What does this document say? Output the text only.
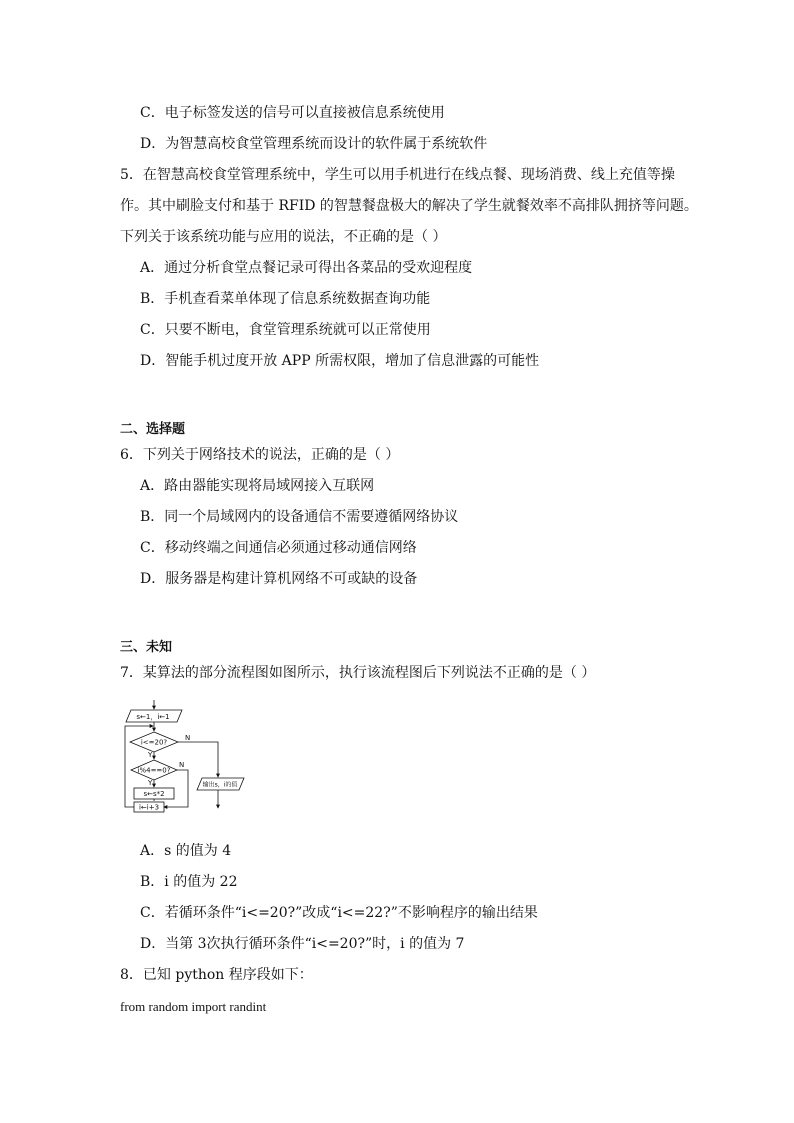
C．电子标签发送的信号可以直接被信息系统使用
D．为智慧高校食堂管理系统而设计的软件属于系统软件
5．在智慧高校食堂管理系统中，学生可以用手机进行在线点餐、现场消费、线上充值等操
作。其中刷脸支付和基于 RFID 的智慧餐盘极大的解决了学生就餐效率不高排队拥挤等问题。
下列关于该系统功能与应用的说法，不正确的是（ ）
A．通过分析食堂点餐记录可得出各菜品的受欢迎程度
B．手机查看菜单体现了信息系统数据查询功能
C．只要不断电，食堂管理系统就可以正常使用
D．智能手机过度开放 APP 所需权限，增加了信息泄露的可能性
二、选择题
6．下列关于网络技术的说法，正确的是（ ）
A．路由器能实现将局域网接入互联网
B．同一个局域网内的设备通信不需要遵循网络协议
C．移动终端之间通信必须通过移动通信网络
D．服务器是构建计算机网络不可或缺的设备
三、未知
7．某算法的部分流程图如图所示，执行该流程图后下列说法不正确的是（ ）
s←1，i←1
i<=20?
N
输出s，i的值
Y
i%4==0?
N
Y
s←s*2
i←i+3
A．s 的值为 4
B．i 的值为 22
C．若循环条件“i<=20?”改成“i<=22?”不影响程序的输出结果
D．当第 3次执行循环条件“i<=20?”时，i 的值为 7
8．已知 python 程序段如下：
from random import randint
